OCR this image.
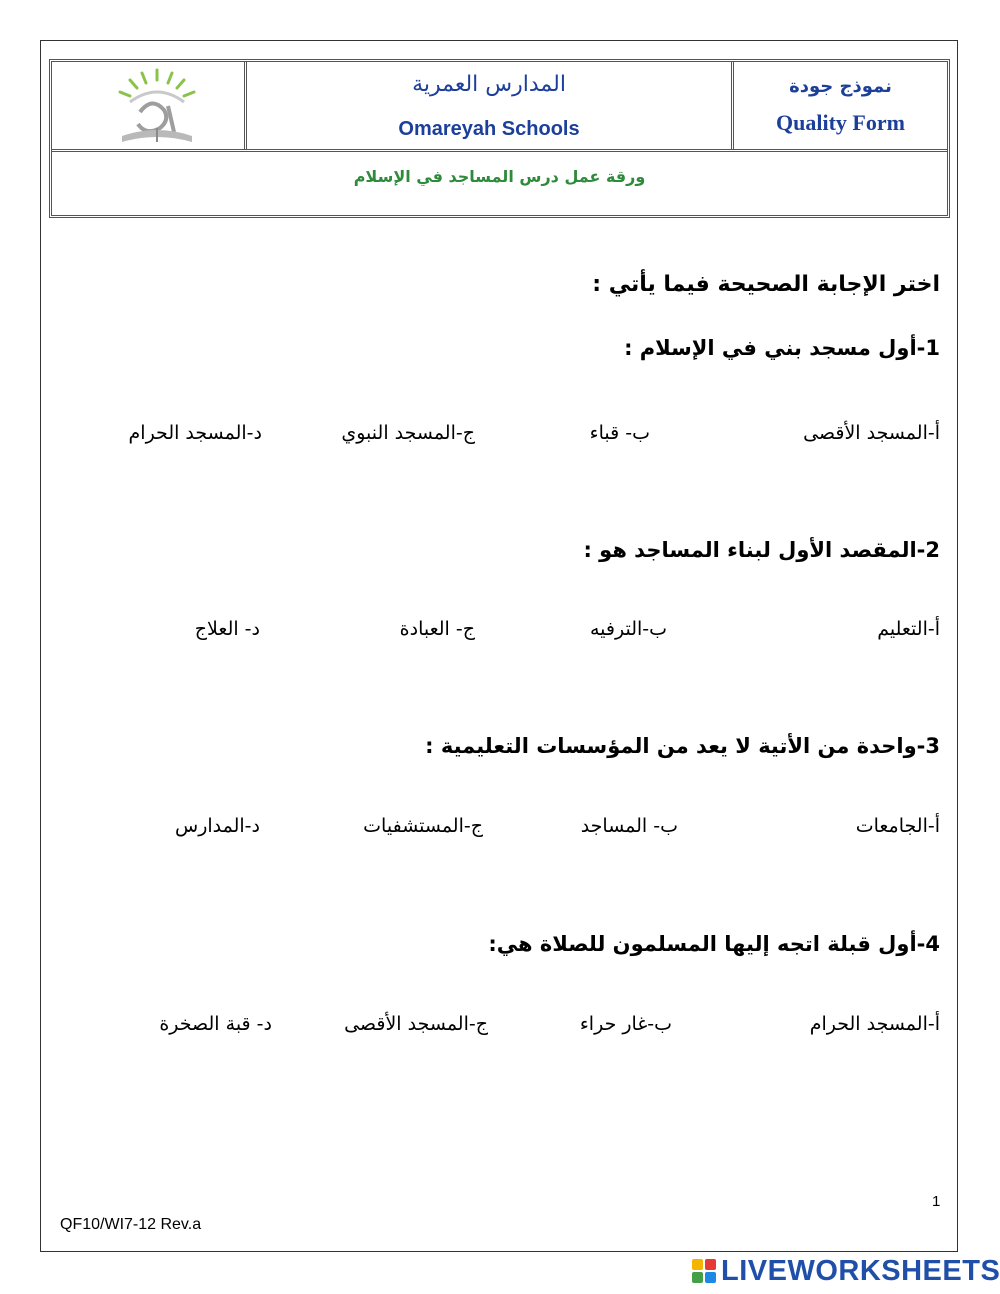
المدارس العمرية
Omareyah Schools
نموذج جودة
Quality Form
ورقة عمل درس المساجد في الإسلام
اختر الإجابة الصحيحة فيما يأتي :
1-أول مسجد بني في الإسلام :
أ-المسجد الأقصى
ب- قباء
ج-المسجد النبوي
د-المسجد الحرام
2-المقصد الأول لبناء المساجد هو :
أ-التعليم
ب-الترفيه
ج- العبادة
د- العلاج
3-واحدة من الأتية لا يعد من المؤسسات التعليمية :
أ-الجامعات
ب- المساجد
ج-المستشفيات
د-المدارس
4-أول قبلة اتجه إليها المسلمون للصلاة هي:
أ-المسجد الحرام
ب-غار حراء
ج-المسجد الأقصى
د- قبة الصخرة
1
QF10/WI7-12 Rev.a
LIVEWORKSHEETS
